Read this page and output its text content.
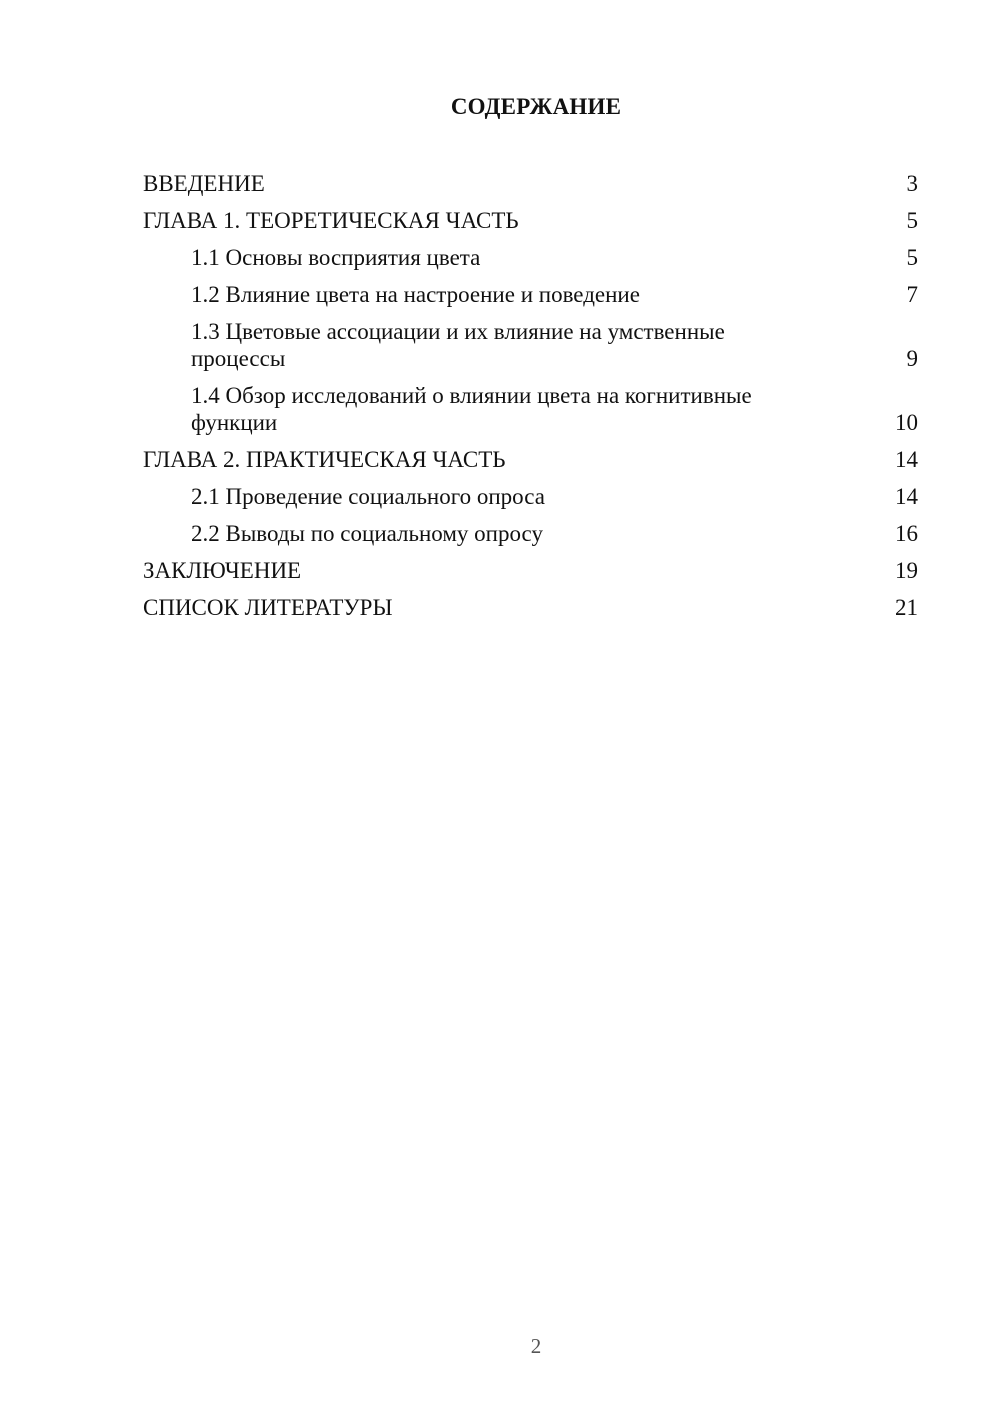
СОДЕРЖАНИЕ
ВВЕДЕНИЕ	3
ГЛАВА 1. ТЕОРЕТИЧЕСКАЯ ЧАСТЬ	5
1.1 Основы восприятия цвета	5
1.2 Влияние цвета на настроение и поведение	7
1.3 Цветовые ассоциации и их влияние на умственные процессы	9
1.4 Обзор исследований о влиянии цвета на когнитивные функции	10
ГЛАВА 2. ПРАКТИЧЕСКАЯ ЧАСТЬ	14
2.1 Проведение социального опроса	14
2.2 Выводы по социальному опросу	16
ЗАКЛЮЧЕНИЕ	19
СПИСОК ЛИТЕРАТУРЫ	21
2
